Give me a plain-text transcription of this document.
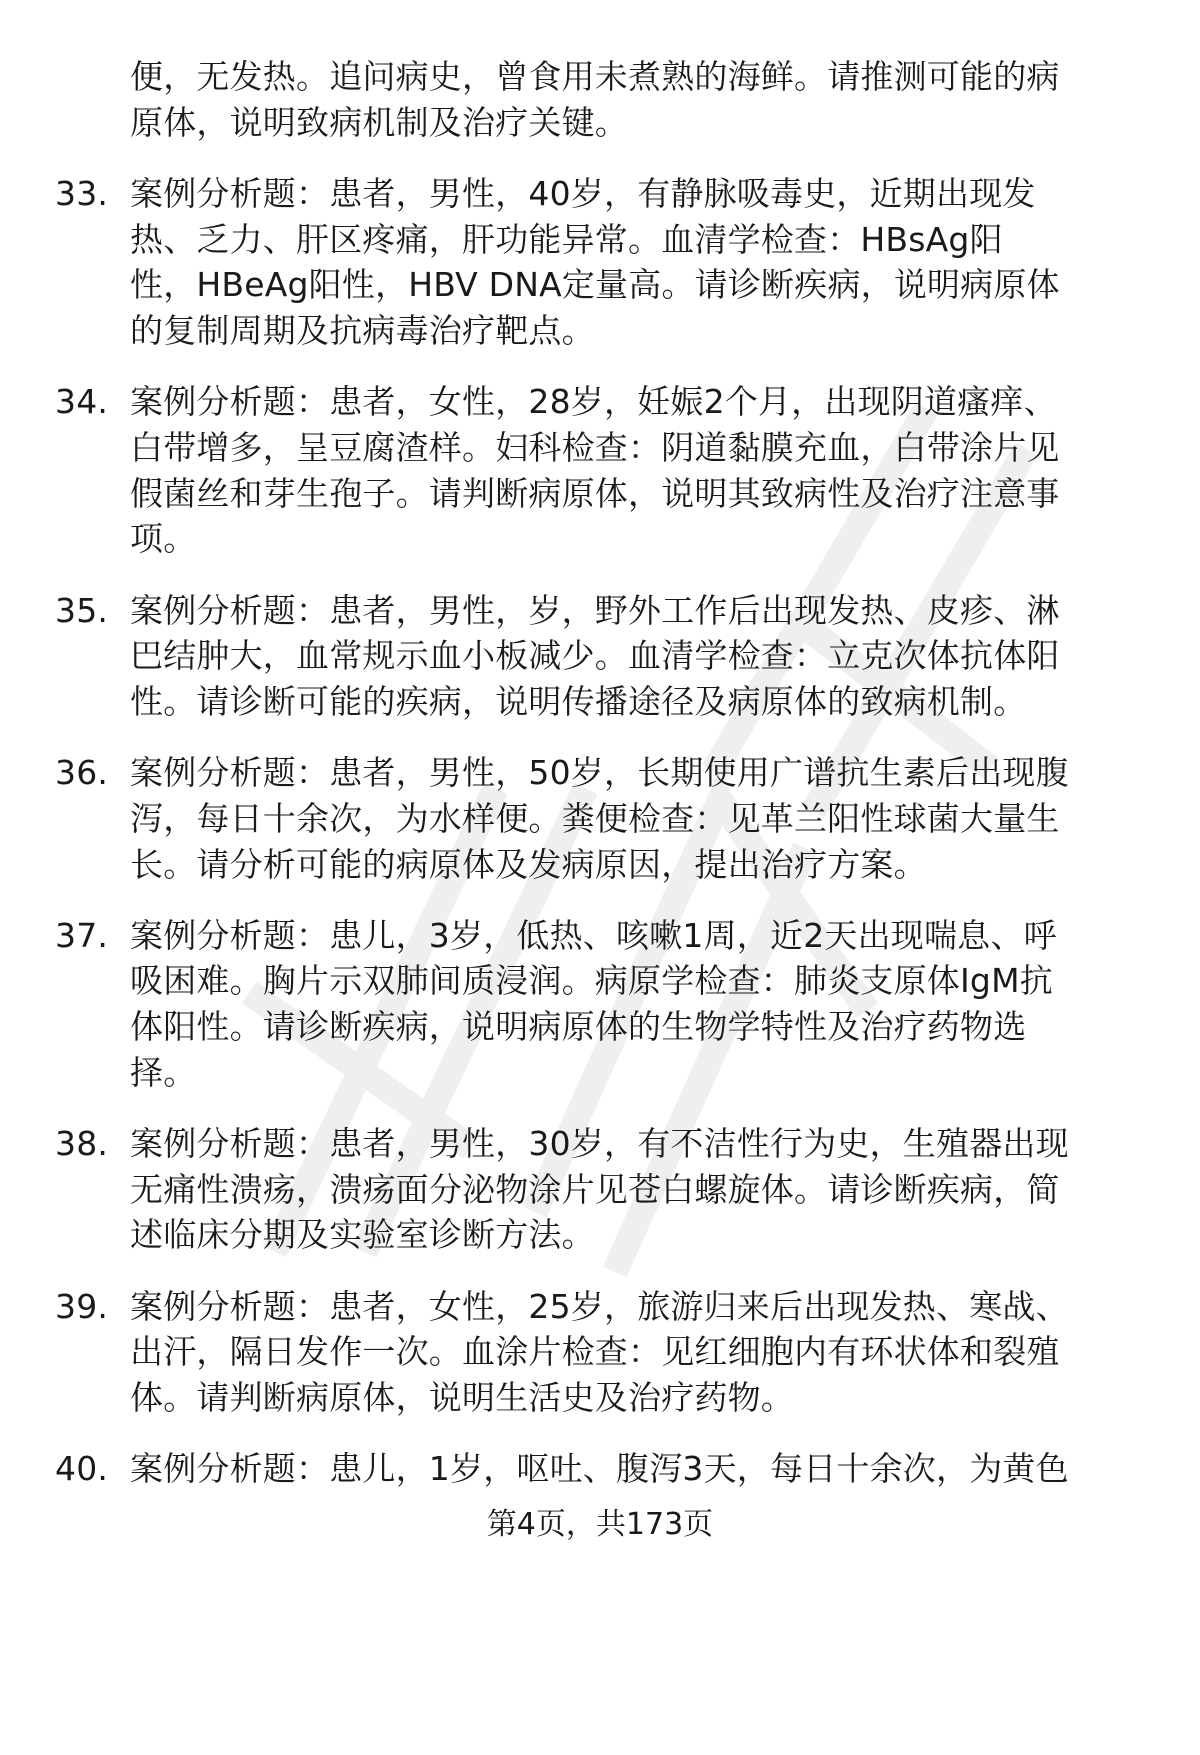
便，无发热。追问病史，曾食用未煮熟的海鲜。请推测可能的病
原体，说明致病机制及治疗关键。
33. 案例分析题：患者，男性，40岁，有静脉吸毒史，近期出现发
热、乏力、肝区疼痛，肝功能异常。血清学检查：HBsAg阳
性，HBeAg阳性，HBV DNA定量高。请诊断疾病，说明病原体
的复制周期及抗病毒治疗靶点。
34. 案例分析题：患者，女性，28岁，妊娠2个月，出现阴道瘙痒、
白带增多，呈豆腐渣样。妇科检查：阴道黏膜充血，白带涂片见
假菌丝和芽生孢子。请判断病原体，说明其致病性及治疗注意事
项。
35. 案例分析题：患者，男性，岁，野外工作后出现发热、皮疹、淋
巴结肿大，血常规示血小板减少。血清学检查：立克次体抗体阳
性。请诊断可能的疾病，说明传播途径及病原体的致病机制。
36. 案例分析题：患者，男性，50岁，长期使用广谱抗生素后出现腹
泻，每日十余次，为水样便。粪便检查：见革兰阳性球菌大量生
长。请分析可能的病原体及发病原因，提出治疗方案。
37. 案例分析题：患儿，3岁，低热、咳嗽1周，近2天出现喘息、呼
吸困难。胸片示双肺间质浸润。病原学检查：肺炎支原体IgM抗
体阳性。请诊断疾病，说明病原体的生物学特性及治疗药物选
择。
38. 案例分析题：患者，男性，30岁，有不洁性行为史，生殖器出现
无痛性溃疡，溃疡面分泌物涂片见苍白螺旋体。请诊断疾病，简
述临床分期及实验室诊断方法。
39. 案例分析题：患者，女性，25岁，旅游归来后出现发热、寒战、
出汗，隔日发作一次。血涂片检查：见红细胞内有环状体和裂殖
体。请判断病原体，说明生活史及治疗药物。
40. 案例分析题：患儿，1岁，呕吐、腹泻3天，每日十余次，为黄色
第4页，共173页
